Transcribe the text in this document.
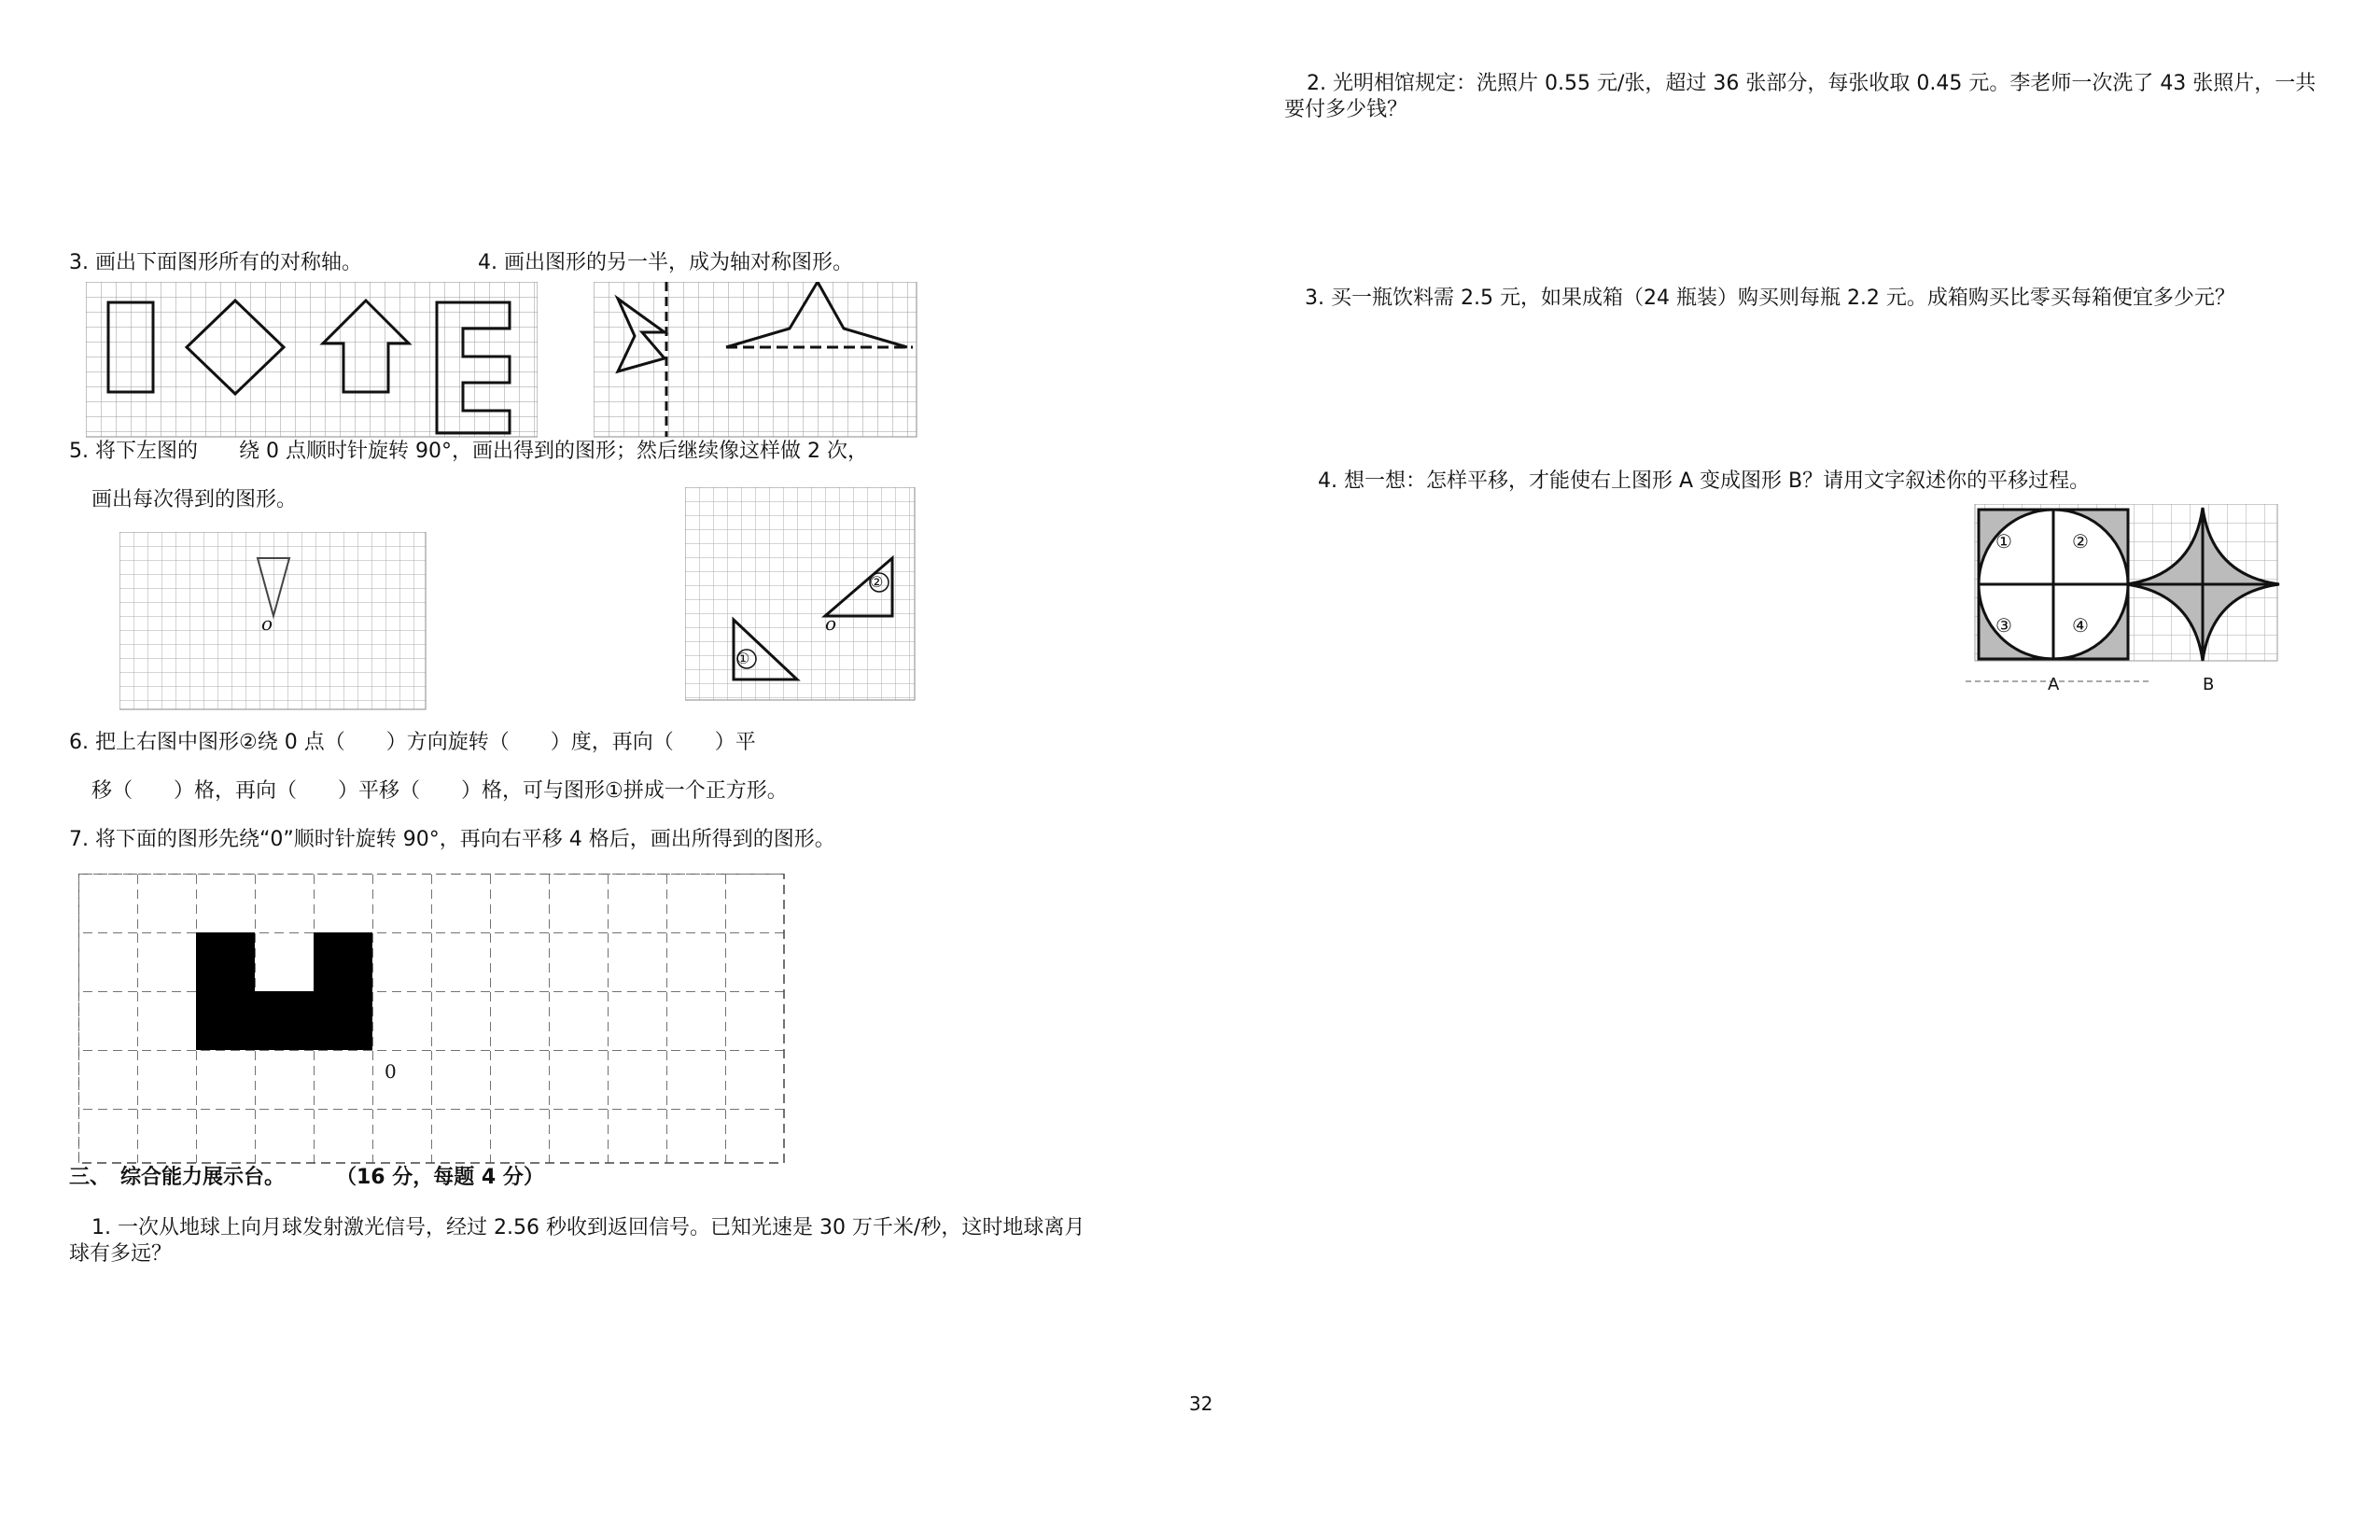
3. 画出下面图形所有的对称轴。	4. 画出图形的另一半，成为轴对称图形。
5. 将下左图的　　绕 0 点顺时针旋转 90°，画出得到的图形；然后继续像这样做 2 次，
画出每次得到的图形。
o
①
②
o
6. 把上右图中图形②绕 0 点（　　）方向旋转（　　）度，再向（　　）平
移（　　）格，再向（　　）平移（　　）格，可与图形①拼成一个正方形。
7. 将下面的图形先绕“0”顺时针旋转 90°，再向右平移 4 格后，画出所得到的图形。
0
三、　综合能力展示台。 （16 分，每题 4 分）
1. 一次从地球上向月球发射激光信号，经过 2.56 秒收到返回信号。已知光速是 30 万千米/秒，这时地球离月球有多远？
32
2. 光明相馆规定：洗照片 0.55 元/张，超过 36 张部分，每张收取 0.45 元。李老师一次洗了 43 张照片，一共要付多少钱？
3. 买一瓶饮料需 2.5 元，如果成箱（24 瓶装）购买则每瓶 2.2 元。成箱购买比零买每箱便宜多少元？
4. 想一想：怎样平移，才能使右上图形 A 变成图形 B？请用文字叙述你的平移过程。
①	②
③	④
A	B
